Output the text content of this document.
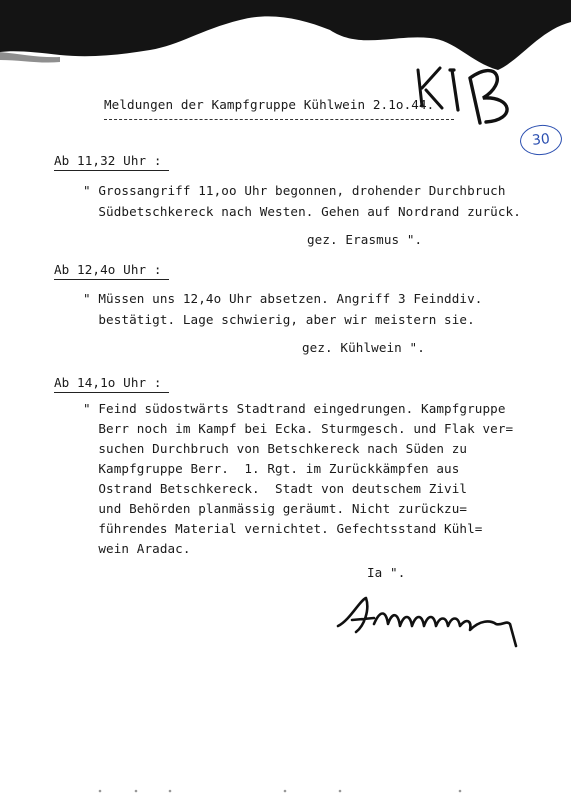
30
Meldungen der Kampfgruppe Kühlwein 2.1o.44.
Ab 11,32 Uhr :
" Grossangriff 11,oo Uhr begonnen, drohender Durchbruch
Südbetschkereck nach Westen. Gehen auf Nordrand zurück.
gez. Erasmus ".
Ab 12,4o Uhr :
" Müssen uns 12,4o Uhr absetzen. Angriff 3 Feinddiv.
bestätigt. Lage schwierig, aber wir meistern sie.
gez. Kühlwein ".
Ab 14,1o Uhr :
" Feind südostwärts Stadtrand eingedrungen. Kampfgruppe
Berr noch im Kampf bei Ecka. Sturmgesch. und Flak ver=
suchen Durchbruch von Betschkereck nach Süden zu
Kampfgruppe Berr.  1. Rgt. im Zurückkämpfen aus
Ostrand Betschkereck.  Stadt von deutschem Zivil
und Behörden planmässig geräumt. Nicht zurückzu=
führendes Material vernichtet. Gefechtsstand Kühl=
wein Aradac.
Ia ".
